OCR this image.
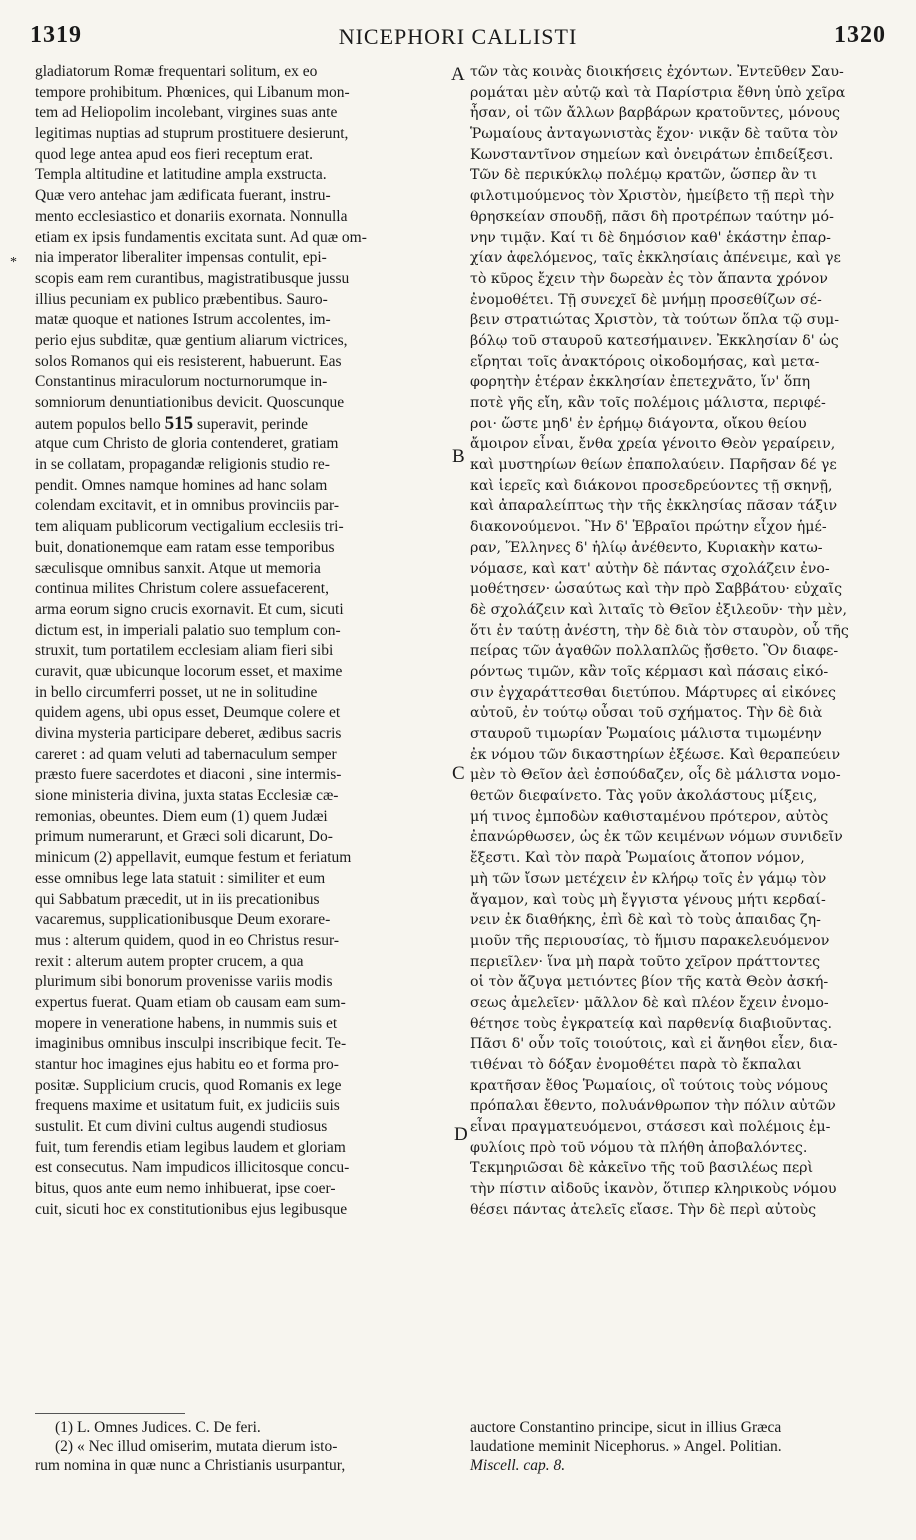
1319	NICEPHORI CALLISTI	1320
*
gladiatorum Romæ frequentari solitum, ex eo
tempore prohibitum. Phœnices, qui Libanum mon-
tem ad Heliopolim incolebant, virgines suas ante
legitimas nuptias ad stuprum prostituere desierunt,
quod lege antea apud eos fieri receptum erat.
Templa altitudine et latitudine ampla exstructa.
Quæ vero antehac jam ædificata fuerant, instru-
mento ecclesiastico et donariis exornata. Nonnulla
etiam ex ipsis fundamentis excitata sunt. Ad quæ om-
nia imperator liberaliter impensas contulit, epi-
scopis eam rem curantibus, magistratibusque jussu
illius pecuniam ex publico præbentibus. Sauro-
matæ quoque et nationes Istrum accolentes, im-
perio ejus subditæ, quæ gentium aliarum victrices,
solos Romanos qui eis resisterent, habuerunt. Eas
Constantinus miraculorum nocturnorumque in-
somniorum denuntiationibus devicit. Quoscunque
autem populos bello 515 superavit, perinde
atque cum Christo de gloria contenderet, gratiam
in se collatam, propagandæ religionis studio re-
pendit. Omnes namque homines ad hanc solam
colendam excitavit, et in omnibus provinciis par-
tem aliquam publicorum vectigalium ecclesiis tri-
buit, donationemque eam ratam esse temporibus
sæculisque omnibus sanxit. Atque ut memoria
continua milites Christum colere assuefacerent,
arma eorum signo crucis exornavit. Et cum, sicuti
dictum est, in imperiali palatio suo templum con-
struxit, tum portatilem ecclesiam aliam fieri sibi
curavit, quæ ubicunque locorum esset, et maxime
in bello circumferri posset, ut ne in solitudine
quidem agens, ubi opus esset, Deumque colere et
divina mysteria participare deberet, ædibus sacris
careret : ad quam veluti ad tabernaculum semper
præsto fuere sacerdotes et diaconi , sine intermis-
sione ministeria divina, juxta statas Ecclesiæ cæ-
remonias, obeuntes. Diem eum (1) quem Judæi
primum numerarunt, et Græci soli dicarunt, Do-
minicum (2) appellavit, eumque festum et feriatum
esse omnibus lege lata statuit : similiter et eum
qui Sabbatum præcedit, ut in iis precationibus
vacaremus, supplicationibusque Deum exorare-
mus : alterum quidem, quod in eo Christus resur-
rexit : alterum autem propter crucem, a qua
plurimum sibi bonorum provenisse variis modis
expertus fuerat. Quam etiam ob causam eam sum-
mopere in veneratione habens, in nummis suis et
imaginibus omnibus insculpi inscribique fecit. Te-
stantur hoc imagines ejus habitu eo et forma pro-
positæ. Supplicium crucis, quod Romanis ex lege
frequens maxime et usitatum fuit, ex judiciis suis
sustulit. Et cum divini cultus augendi studiosus
fuit, tum ferendis etiam legibus laudem et gloriam
est consecutus. Nam impudicos illicitosque concu-
bitus, quos ante eum nemo inhibuerat, ipse coer-
cuit, sicuti hoc ex constitutionibus ejus legibusque
τῶν τὰς κοινὰς διοικήσεις ἐχόντων. Ἐντεῦθεν Σαυ-
ρομάται μὲν αὐτῷ καὶ τὰ Παρίστρια ἔθνη ὑπὸ χεῖρα
ἦσαν, οἱ τῶν ἄλλων βαρβάρων κρατοῦντες, μόνους
Ῥωμαίους ἀνταγωνιστὰς ἔχον· νικᾷν δὲ ταῦτα τὸν
Κωνσταντῖνον σημείων καὶ ὀνειράτων ἐπιδείξεσι.
Τῶν δὲ περικύκλῳ πολέμῳ κρατῶν, ὥσπερ ἂν τι
φιλοτιμούμενος τὸν Χριστὸν, ἠμείβετο τῇ περὶ τὴν
θρησκείαν σπουδῇ, πᾶσι δὴ προτρέπων ταύτην μό-
νην τιμᾷν. Καί τι δὲ δημόσιον καθ' ἑκάστην ἐπαρ-
χίαν ἀφελόμενος, ταῖς ἐκκλησίαις ἀπένειμε, καὶ γε
τὸ κῦρος ἔχειν τὴν δωρεὰν ἐς τὸν ἅπαντα χρόνον
ἐνομοθέτει. Τῇ συνεχεῖ δὲ μνήμῃ προσεθίζων σέ-
βειν στρατιώτας Χριστὸν, τὰ τούτων ὅπλα τῷ συμ-
βόλῳ τοῦ σταυροῦ κατεσήμαινεν. Ἐκκλησίαν δ' ὡς
εἴρηται τοῖς ἀνακτόροις οἰκοδομήσας, καὶ μετα-
φορητὴν ἑτέραν ἐκκλησίαν ἐπετεχνᾶτο, ἵν' ὅπη
ποτὲ γῆς εἴη, κἂν τοῖς πολέμοις μάλιστα, περιφέ-
ροι· ὥστε μηδ' ἐν ἐρήμῳ διάγοντα, οἴκου θείου
ἄμοιρον εἶναι, ἔνθα χρεία γένοιτο Θεὸν γεραίρειν,
καὶ μυστηρίων θείων ἐπαπολαύειν. Παρῆσαν δέ γε
καὶ ἱερεῖς καὶ διάκονοι προσεδρεύοντες τῇ σκηνῇ,
καὶ ἀπαραλείπτως τὴν τῆς ἐκκλησίας πᾶσαν τάξιν
διακονούμενοι. Ἣν δ' Ἑβραῖοι πρώτην εἶχον ἡμέ-
ραν, Ἕλληνες δ' ἡλίῳ ἀνέθεντο, Κυριακὴν κατω-
νόμασε, καὶ κατ' αὐτὴν δὲ πάντας σχολάζειν ἐνο-
μοθέτησεν· ὡσαύτως καὶ τὴν πρὸ Σαββάτου· εὐχαῖς
δὲ σχολάζειν καὶ λιταῖς τὸ Θεῖον ἐξιλεοῦν· τὴν μὲν,
ὅτι ἐν ταύτῃ ἀνέστη, τὴν δὲ διὰ τὸν σταυρὸν, οὗ τῆς
πείρας τῶν ἀγαθῶν πολλαπλῶς ᾔσθετο. Ὃν διαφε-
ρόντως τιμῶν, κἂν τοῖς κέρμασι καὶ πάσαις εἰκό-
σιν ἐγχαράττεσθαι διετύπου. Μάρτυρες αἱ εἰκόνες
αὐτοῦ, ἐν τούτῳ οὖσαι τοῦ σχήματος. Τὴν δὲ διὰ
σταυροῦ τιμωρίαν Ῥωμαίοις μάλιστα τιμωμένην
ἐκ νόμου τῶν δικαστηρίων ἐξέωσε. Καὶ θεραπεύειν
μὲν τὸ Θεῖον ἀεὶ ἐσπούδαζεν, οἷς δὲ μάλιστα νομο-
θετῶν διεφαίνετο. Τὰς γοῦν ἀκολάστους μίξεις,
μή τινος ἐμποδὼν καθισταμένου πρότερον, αὐτὸς
ἐπανώρθωσεν, ὡς ἐκ τῶν κειμένων νόμων συνιδεῖν
ἔξεστι. Καὶ τὸν παρὰ Ῥωμαίοις ἄτοπον νόμον,
μὴ τῶν ἴσων μετέχειν ἐν κλήρῳ τοῖς ἐν γάμῳ τὸν
ἄγαμον, καὶ τοὺς μὴ ἔγγιστα γένους μήτι κερδαί-
νειν ἐκ διαθήκης, ἐπὶ δὲ καὶ τὸ τοὺς ἀπαιδας ζη-
μιοῦν τῆς περιουσίας, τὸ ἥμισυ παρακελευόμενον
περιεῖλεν· ἵνα μὴ παρὰ τοῦτο χεῖρον πράττοντες
οἱ τὸν ἄζυγα μετιόντες βίον τῆς κατὰ Θεὸν ἀσκή-
σεως ἀμελεῖεν· μᾶλλον δὲ καὶ πλέον ἔχειν ἐνομο-
θέτησε τοὺς ἐγκρατείᾳ καὶ παρθενίᾳ διαβιοῦντας.
Πᾶσι δ' οὖν τοῖς τοιούτοις, καὶ εἰ ἄνηθοι εἶεν, δια-
τιθέναι τὸ δόξαν ἐνομοθέτει παρὰ τὸ ἔκπαλαι
κρατῆσαν ἔθος Ῥωμαίοις, οἳ τούτοις τοὺς νόμους
πρόπαλαι ἔθεντο, πολυάνθρωπον τὴν πόλιν αὐτῶν
εἶναι πραγματευόμενοι, στάσεσι καὶ πολέμοις ἐμ-
φυλίοις πρὸ τοῦ νόμου τὰ πλήθη ἀποβαλόντες.
Τεκμηριῶσαι δὲ κἀκεῖνο τῆς τοῦ βασιλέως περὶ
τὴν πίστιν αἰδοῦς ἱκανὸν, ὅτιπερ κληρικοὺς νόμου
θέσει πάντας ἀτελεῖς εἴασε. Τὴν δὲ περὶ αὐτοὺς
A
B
C
D
(1) L. Omnes Judices. C. De feri.
(2) « Nec illud omiserim, mutata dierum isto-
rum nomina in quæ nunc a Christianis usurpantur,
auctore Constantino principe, sicut in illius Græca
laudatione meminit Nicephorus. » Angel. Politian.
Miscell. cap. 8.
